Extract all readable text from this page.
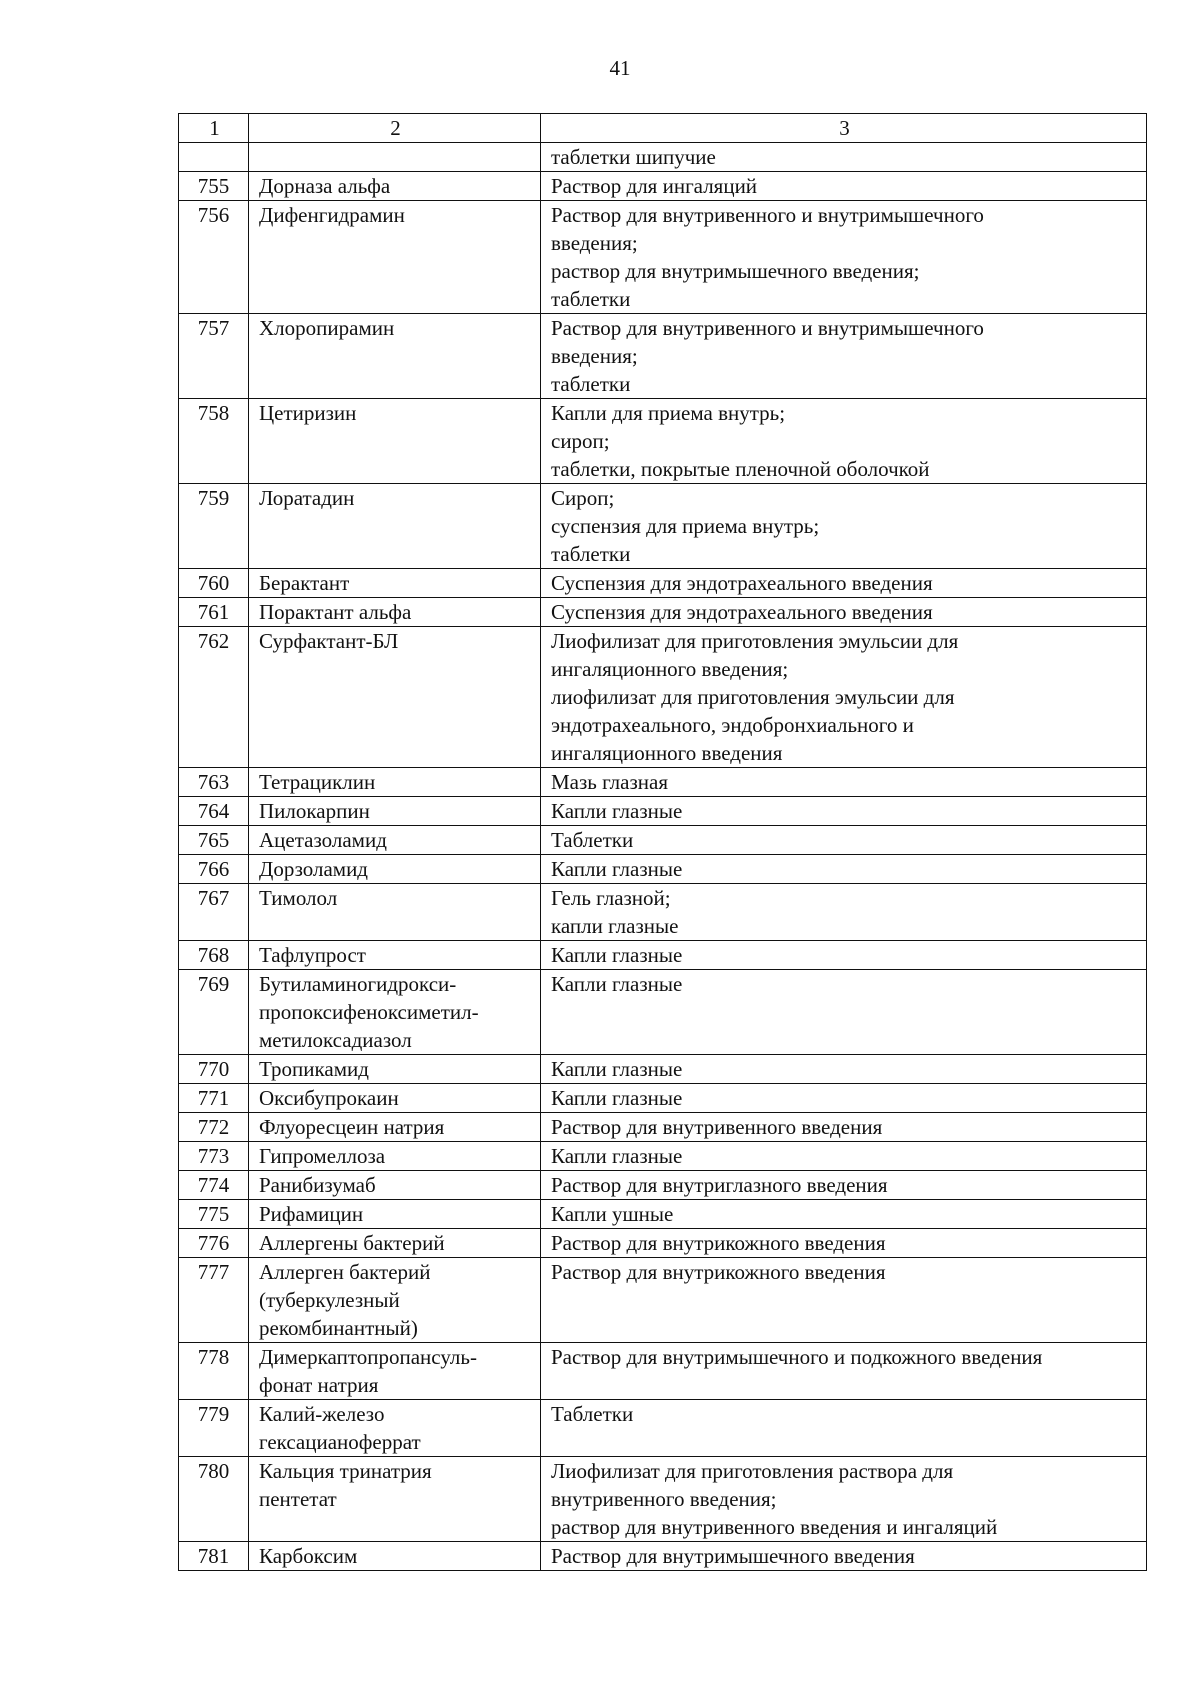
41
1	2	3
		таблетки шипучие
755	Дорназа альфа	Раствор для ингаляций
756	Дифенгидрамин	Раствор для внутривенного и внутримышечного
введения;
раствор для внутримышечного введения;
таблетки
757	Хлоропирамин	Раствор для внутривенного и внутримышечного
введения;
таблетки
758	Цетиризин	Капли для приема внутрь;
сироп;
таблетки, покрытые пленочной оболочкой
759	Лоратадин	Сироп;
суспензия для приема внутрь;
таблетки
760	Берактант	Суспензия для эндотрахеального введения
761	Порактант альфа	Суспензия для эндотрахеального введения
762	Сурфактант-БЛ	Лиофилизат для приготовления эмульсии для
ингаляционного введения;
лиофилизат для приготовления эмульсии для
эндотрахеального, эндобронхиального и
ингаляционного введения
763	Тетрациклин	Мазь глазная
764	Пилокарпин	Капли глазные
765	Ацетазоламид	Таблетки
766	Дорзоламид	Капли глазные
767	Тимолол	Гель глазной;
капли глазные
768	Тафлупрост	Капли глазные
769	Бутиламиногидрокси-
пропоксифеноксиметил-
метилоксадиазол	Капли глазные
770	Тропикамид	Капли глазные
771	Оксибупрокаин	Капли глазные
772	Флуоресцеин натрия	Раствор для внутривенного введения
773	Гипромеллоза	Капли глазные
774	Ранибизумаб	Раствор для внутриглазного введения
775	Рифамицин	Капли ушные
776	Аллергены бактерий	Раствор для внутрикожного введения
777	Аллерген бактерий
(туберкулезный
рекомбинантный)	Раствор для внутрикожного введения
778	Димеркаптопропансуль-
фонат натрия	Раствор для внутримышечного и подкожного введения
779	Калий-железо
гексацианоферрат	Таблетки
780	Кальция тринатрия
пентетат	Лиофилизат для приготовления раствора для
внутривенного введения;
раствор для внутривенного введения и ингаляций
781	Карбоксим	Раствор для внутримышечного введения
